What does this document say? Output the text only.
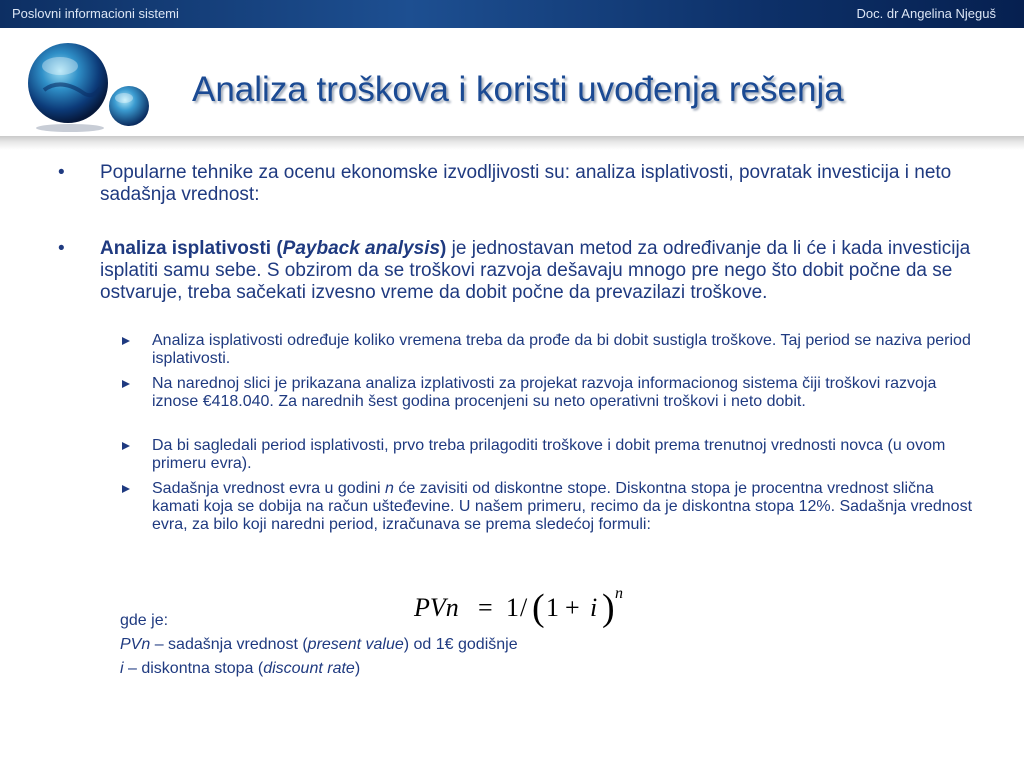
Poslovni informacioni sistemi	Doc. dr Angelina Njeguš
Analiza troškova i koristi uvođenja rešenja
• Popularne tehnike za ocenu ekonomske izvodljivosti su: analiza isplativosti, povratak investicija i neto sadašnja vrednost:
• Analiza isplativosti (Payback analysis) je jednostavan metod za određivanje da li će i kada investicija isplatiti samu sebe. S obzirom da se troškovi razvoja dešavaju mnogo pre nego što dobit počne da se ostvaruje, treba sačekati izvesno vreme da dobit počne da prevazilazi troškove.
Analiza isplativosti određuje koliko vremena treba da prođe da bi dobit sustigla troškove. Taj period se naziva period isplativosti.
Na narednoj slici je prikazana analiza izplativosti za projekat razvoja informacionog sistema čiji troškovi razvoja iznose €418.040. Za narednih šest godina procenjeni su neto operativni troškovi i neto dobit.
Da bi sagledali period isplativosti, prvo treba prilagoditi troškove i dobit prema trenutnoj vrednosti novca (u ovom primeru evra).
Sadašnja vrednost evra u godini n će zavisiti od diskontne stope. Diskontna stopa je procentna vrednost slična kamati koja se dobija na račun ušteđevine. U našem primeru, recimo da je diskontna stopa 12%. Sadašnja vrednost evra, za bilo koji naredni period, izračunava se prema sledećoj formuli:
PVn = 1 / ( 1 + i ) n
gde je:
PVn – sadašnja vrednost (present value) od 1€ godišnje
i – diskontna stopa (discount rate)
